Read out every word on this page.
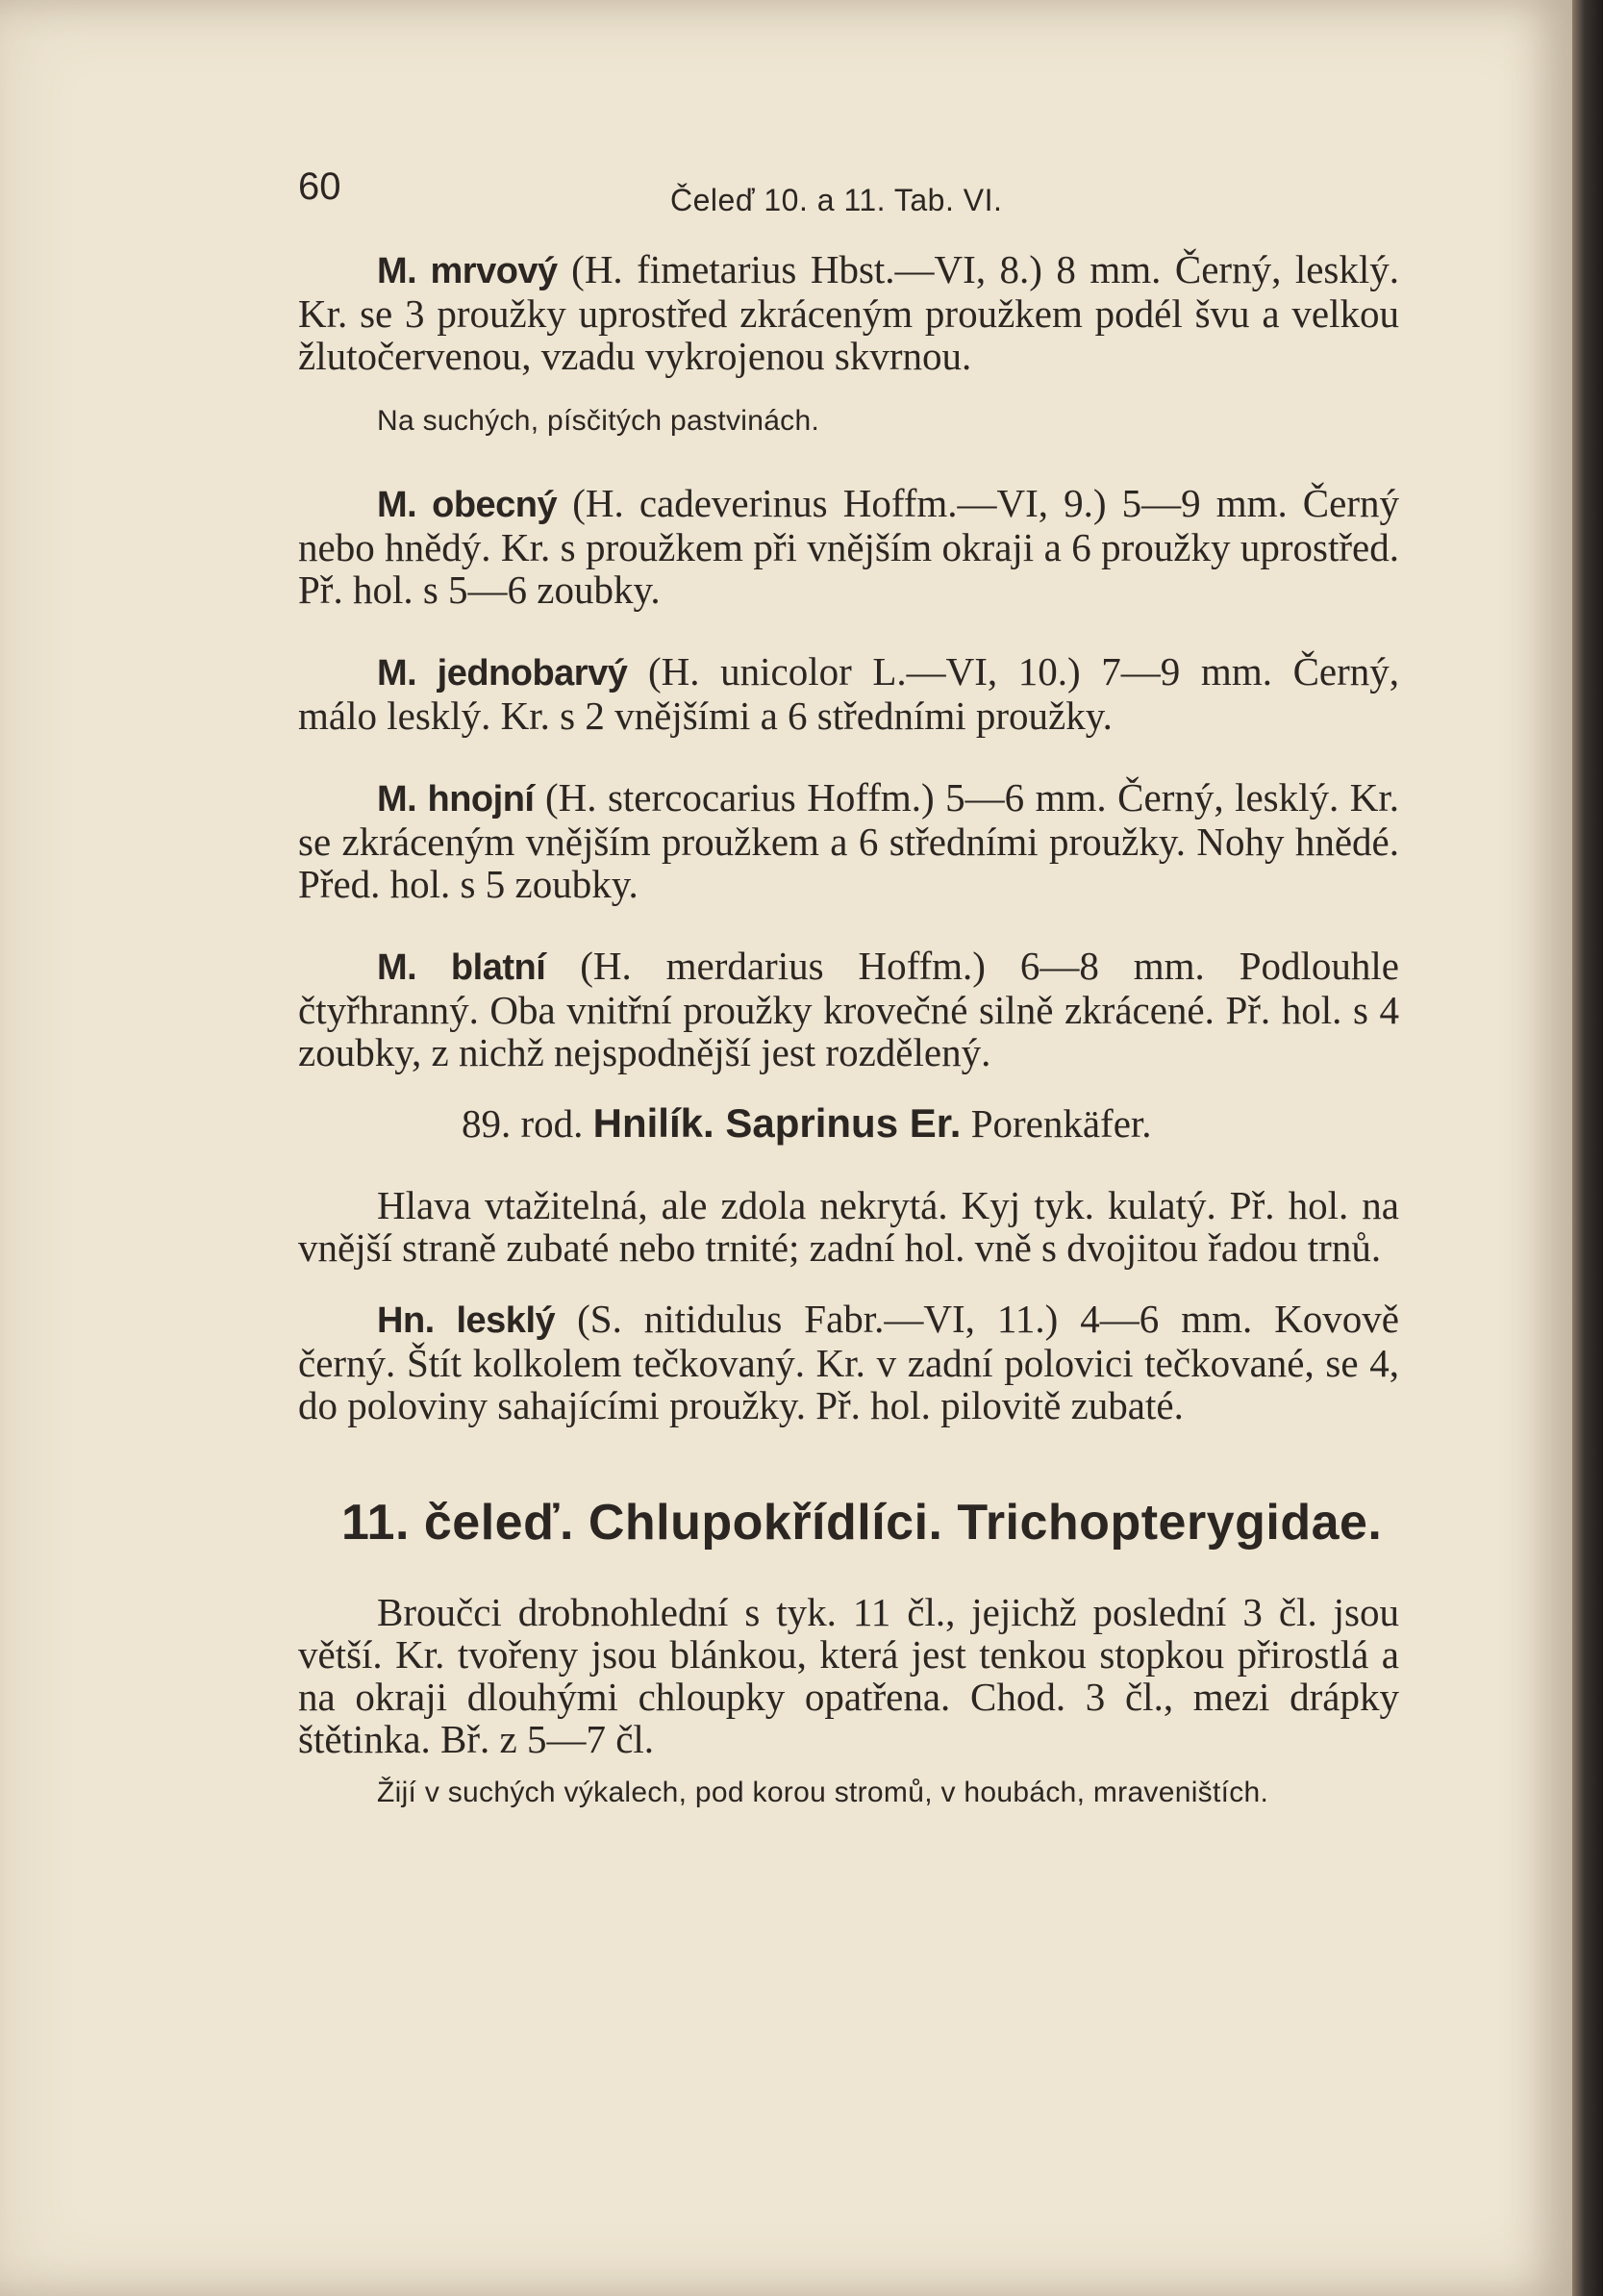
60	Čeleď 10. a 11. Tab. VI.

M. mrvový (H. fimetarius Hbst.—VI, 8.) 8 mm. Černý, lesklý. Kr. se 3 proužky uprostřed zkráceným proužkem podél švu a velkou žlutočervenou, vzadu vykrojenou skvrnou.

Na suchých, písčitých pastvinách.

M. obecný (H. cadeverinus Hoffm.—VI, 9.) 5—9 mm. Černý nebo hnědý. Kr. s proužkem při vnějším okraji a 6 proužky uprostřed. Př. hol. s 5—6 zoubky.

M. jednobarvý (H. unicolor L.—VI, 10.) 7—9 mm. Černý, málo lesklý. Kr. s 2 vnějšími a 6 středními proužky.

M. hnojní (H. stercocarius Hoffm.) 5—6 mm. Černý, lesklý. Kr. se zkráceným vnějším proužkem a 6 středními proužky. Nohy hnědé. Před. hol. s 5 zoubky.

M. blatní (H. merdarius Hoffm.) 6—8 mm. Podlouhle čtyřhranný. Oba vnitřní proužky krovečné silně zkrácené. Př. hol. s 4 zoubky, z nichž nejspodnější jest rozdělený.

89. rod. Hnilík. Saprinus Er. Porenkäfer.

Hlava vtažitelná, ale zdola nekrytá. Kyj tyk. kulatý. Př. hol. na vnější straně zubaté nebo trnité; zadní hol. vně s dvojitou řadou trnů.

Hn. lesklý (S. nitidulus Fabr.—VI, 11.) 4—6 mm. Kovově černý. Štít kolkolem tečkovaný. Kr. v zadní polovici tečkované, se 4, do poloviny sahajícími proužky. Př. hol. pilovitě zubaté.

11. čeleď. Chlupokřídlíci. Trichopterygidae.

Broučci drobnohlední s tyk. 11 čl., jejichž poslední 3 čl. jsou větší. Kr. tvořeny jsou blánkou, která jest tenkou stopkou přirostlá a na okraji dlouhými chloupky opatřena. Chod. 3 čl., mezi drápky štětinka. Bř. z 5—7 čl.

Žijí v suchých výkalech, pod korou stromů, v houbách, mraveništích.
